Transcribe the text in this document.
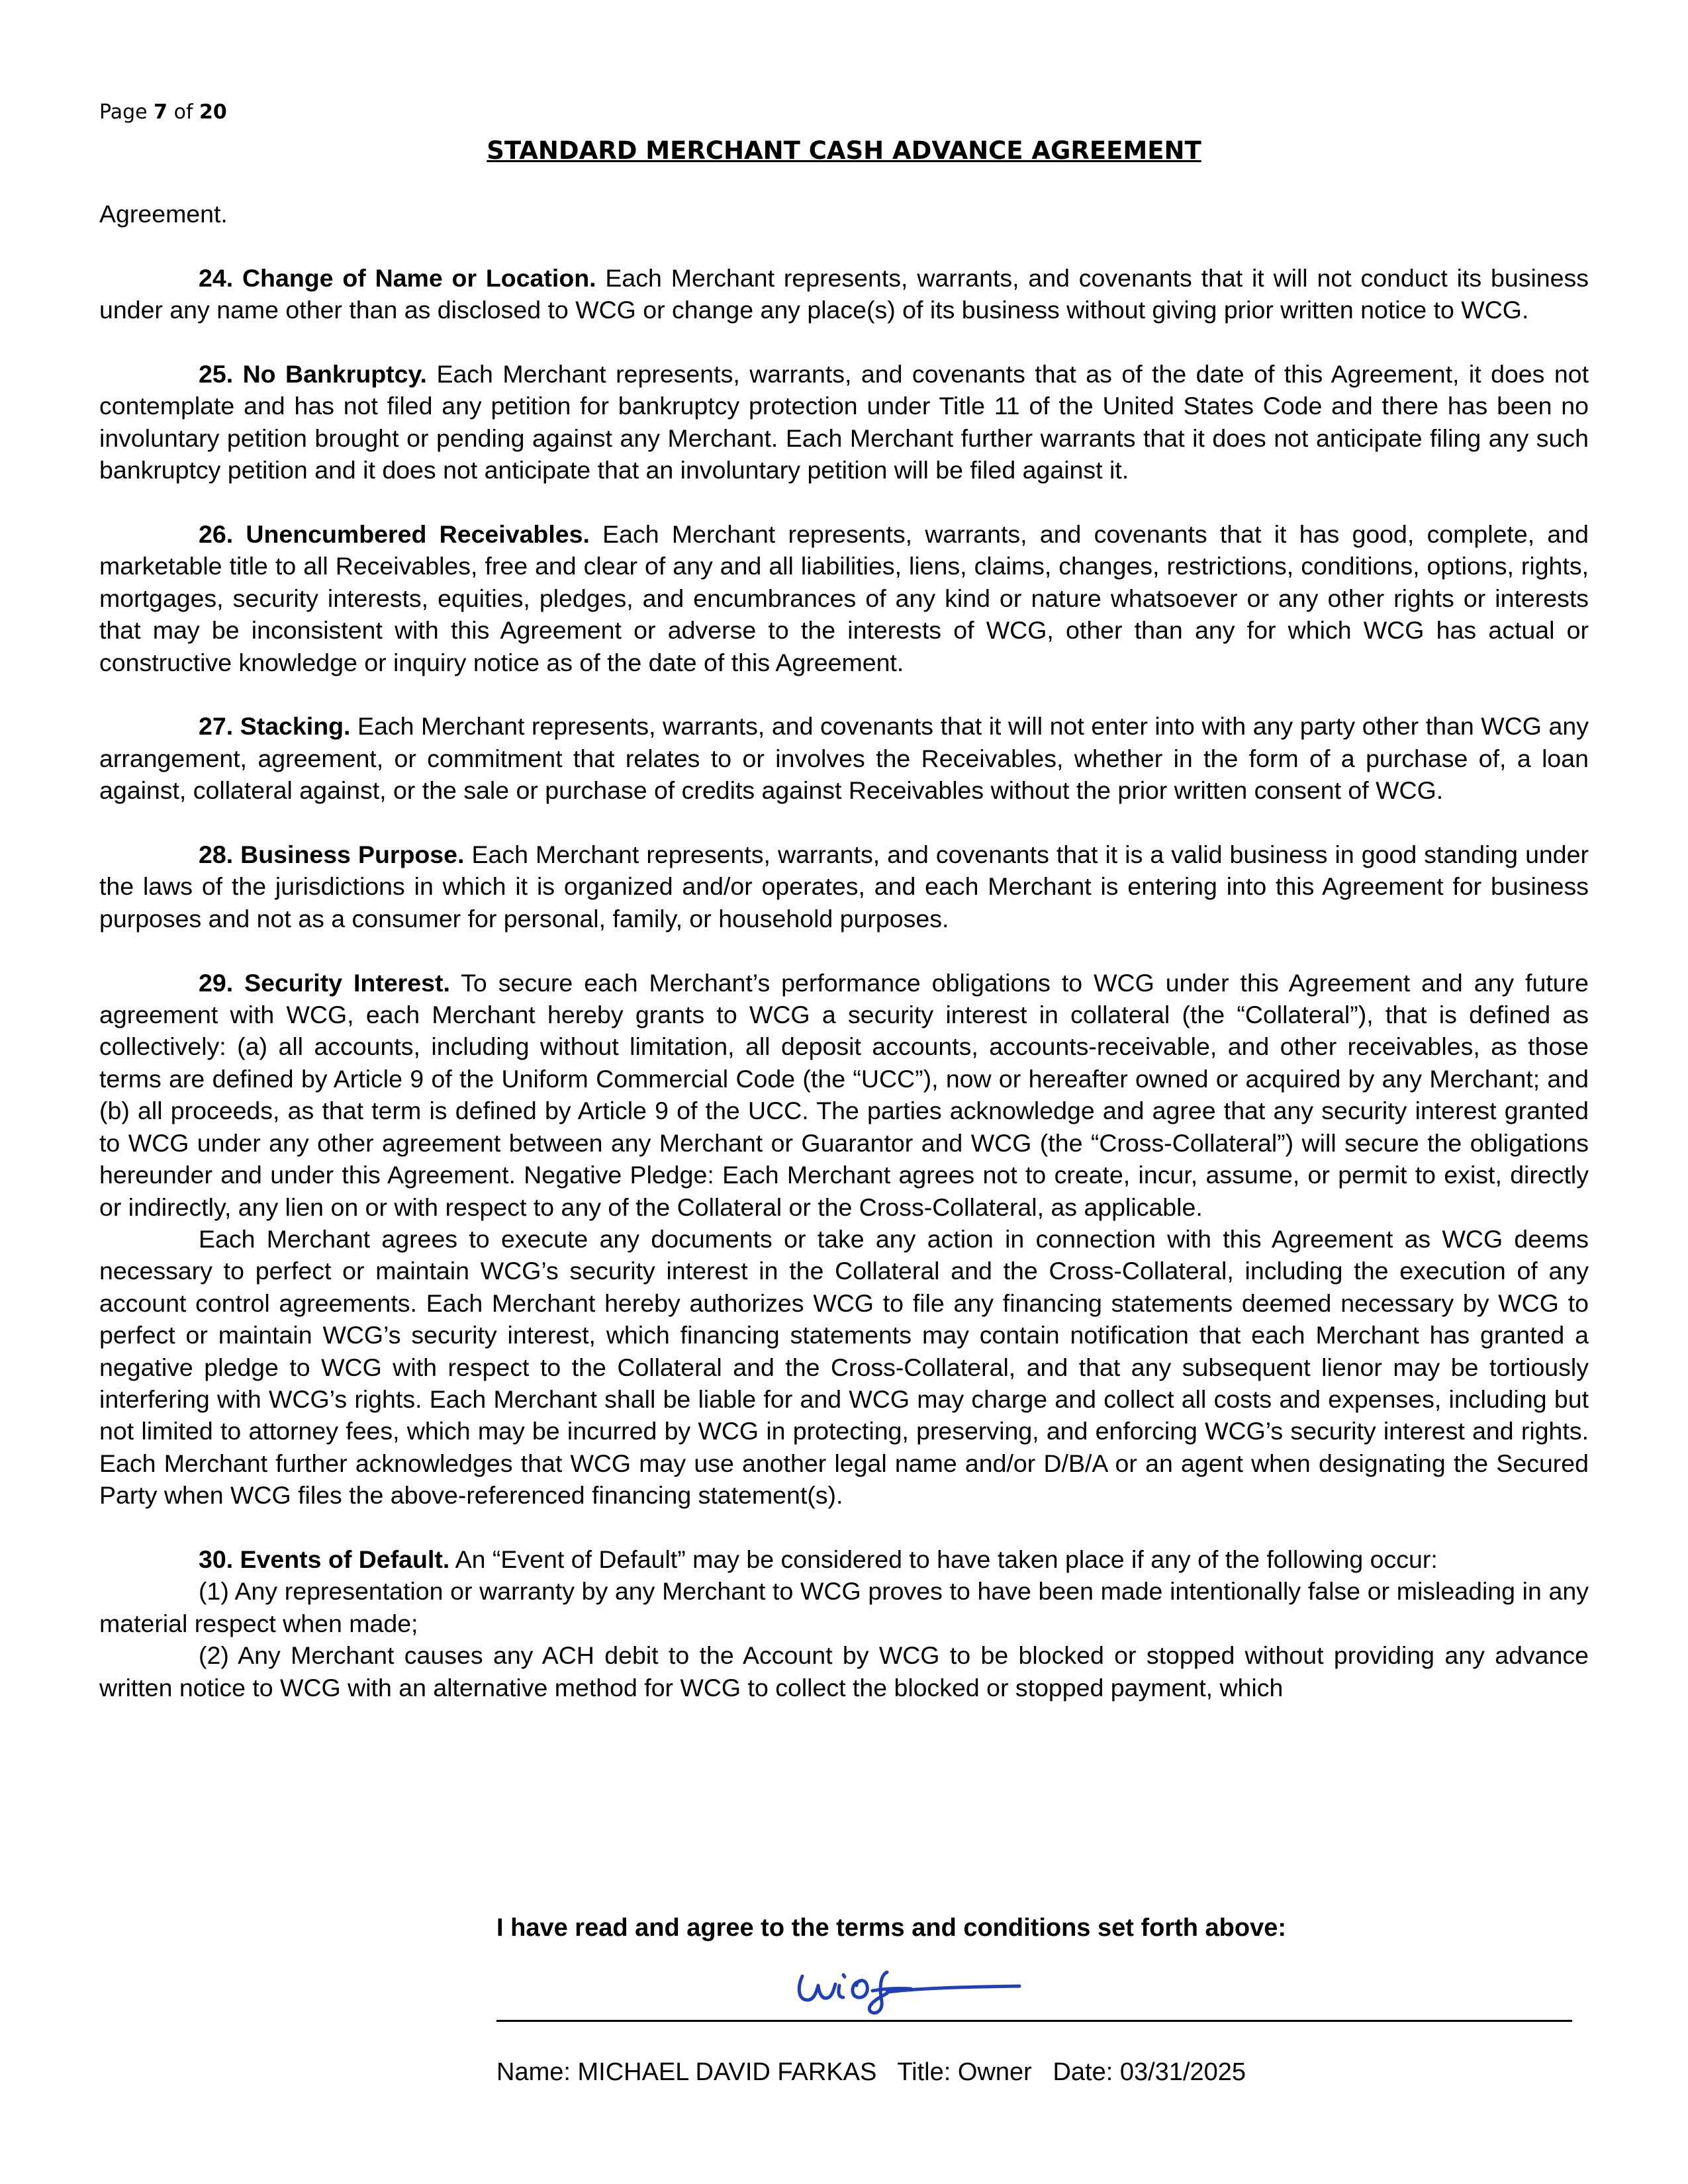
Page 7 of 20
STANDARD MERCHANT CASH ADVANCE AGREEMENT

Agreement.

24. Change of Name or Location. Each Merchant represents, warrants, and covenants that it will not conduct its business under any name other than as disclosed to WCG or change any place(s) of its business without giving prior written notice to WCG.

25. No Bankruptcy. Each Merchant represents, warrants, and covenants that as of the date of this Agreement, it does not contemplate and has not filed any petition for bankruptcy protection under Title 11 of the United States Code and there has been no involuntary petition brought or pending against any Merchant. Each Merchant further warrants that it does not anticipate filing any such bankruptcy petition and it does not anticipate that an involuntary petition will be filed against it.

26. Unencumbered Receivables. Each Merchant represents, warrants, and covenants that it has good, complete, and marketable title to all Receivables, free and clear of any and all liabilities, liens, claims, changes, restrictions, conditions, options, rights, mortgages, security interests, equities, pledges, and encumbrances of any kind or nature whatsoever or any other rights or interests that may be inconsistent with this Agreement or adverse to the interests of WCG, other than any for which WCG has actual or constructive knowledge or inquiry notice as of the date of this Agreement.

27. Stacking. Each Merchant represents, warrants, and covenants that it will not enter into with any party other than WCG any arrangement, agreement, or commitment that relates to or involves the Receivables, whether in the form of a purchase of, a loan against, collateral against, or the sale or purchase of credits against Receivables without the prior written consent of WCG.

28. Business Purpose. Each Merchant represents, warrants, and covenants that it is a valid business in good standing under the laws of the jurisdictions in which it is organized and/or operates, and each Merchant is entering into this Agreement for business purposes and not as a consumer for personal, family, or household purposes.

29. Security Interest. To secure each Merchant’s performance obligations to WCG under this Agreement and any future agreement with WCG, each Merchant hereby grants to WCG a security interest in collateral (the “Collateral”), that is defined as collectively: (a) all accounts, including without limitation, all deposit accounts, accounts-receivable, and other receivables, as those terms are defined by Article 9 of the Uniform Commercial Code (the “UCC”), now or hereafter owned or acquired by any Merchant; and (b) all proceeds, as that term is defined by Article 9 of the UCC. The parties acknowledge and agree that any security interest granted to WCG under any other agreement between any Merchant or Guarantor and WCG (the “Cross-Collateral”) will secure the obligations hereunder and under this Agreement. Negative Pledge: Each Merchant agrees not to create, incur, assume, or permit to exist, directly or indirectly, any lien on or with respect to any of the Collateral or the Cross-Collateral, as applicable.

Each Merchant agrees to execute any documents or take any action in connection with this Agreement as WCG deems necessary to perfect or maintain WCG’s security interest in the Collateral and the Cross-Collateral, including the execution of any account control agreements. Each Merchant hereby authorizes WCG to file any financing statements deemed necessary by WCG to perfect or maintain WCG’s security interest, which financing statements may contain notification that each Merchant has granted a negative pledge to WCG with respect to the Collateral and the Cross-Collateral, and that any subsequent lienor may be tortiously interfering with WCG’s rights. Each Merchant shall be liable for and WCG may charge and collect all costs and expenses, including but not limited to attorney fees, which may be incurred by WCG in protecting, preserving, and enforcing WCG’s security interest and rights. Each Merchant further acknowledges that WCG may use another legal name and/or D/B/A or an agent when designating the Secured Party when WCG files the above-referenced financing statement(s).

30. Events of Default. An “Event of Default” may be considered to have taken place if any of the following occur:

(1) Any representation or warranty by any Merchant to WCG proves to have been made intentionally false or misleading in any material respect when made;

(2) Any Merchant causes any ACH debit to the Account by WCG to be blocked or stopped without providing any advance written notice to WCG with an alternative method for WCG to collect the blocked or stopped payment, which

I have read and agree to the terms and conditions set forth above:
Name: MICHAEL DAVID FARKAS Title: Owner Date: 03/31/2025
